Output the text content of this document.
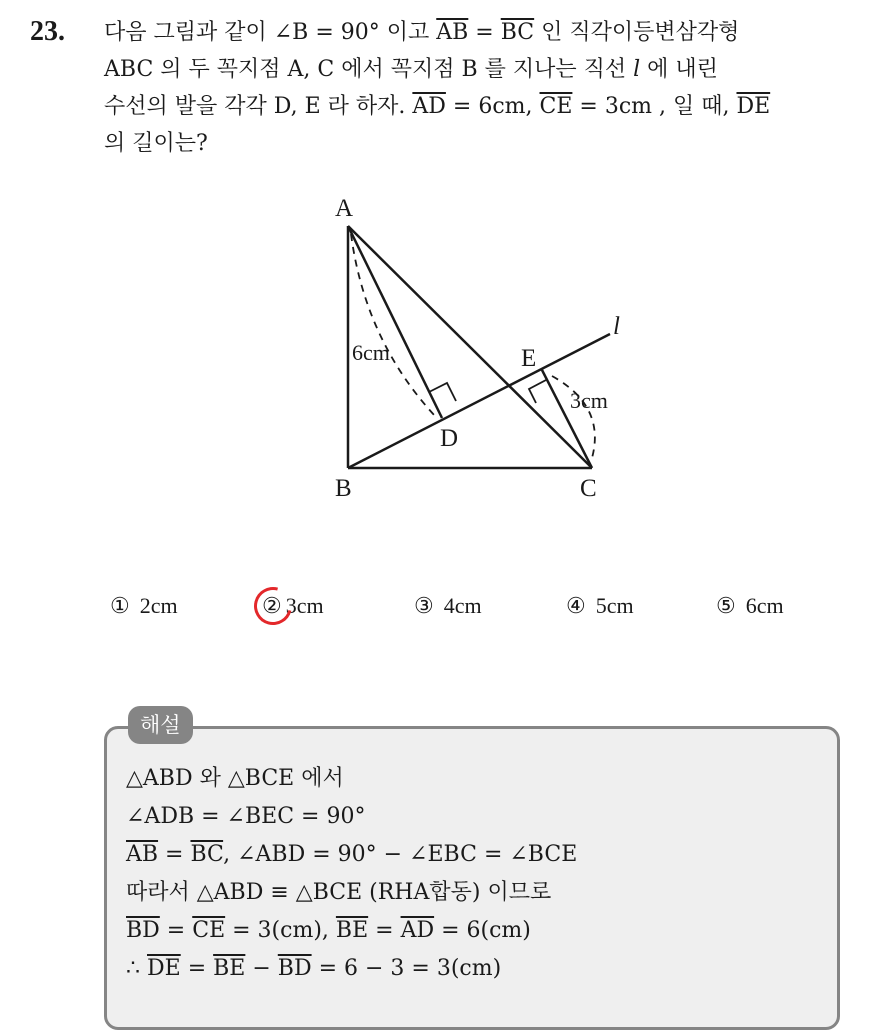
23. 다음 그림과 같이 ∠B = 90° 이고 $\overline{AB} = \overline{BC}$ 인 직각이등변삼각형
ABC 의 두 꼭지점 A, C 에서 꼭지점 B 를 지나는 직선 l 에 내린
수선의 발을 각각 D, E 라 하자. $\overline{AD} = 6cm$, $\overline{CE} = 3cm$ , 일 때, $\overline{DE}$
의 길이는?
A
B	C
D
E
l
6cm
3cm
① 2cm	② 3cm	③ 4cm	④ 5cm	⑤ 6cm
해설
△ABD 와 △BCE 에서
∠ADB = ∠BEC = 90°
$\overline{AB} = \overline{BC}$, ∠ABD = 90° − ∠EBC = ∠BCE
따라서 △ABD ≡ △BCE (RHA합동) 이므로
$\overline{BD} = \overline{CE} = 3(cm)$, $\overline{BE} = \overline{AD} = 6(cm)$
∴ $\overline{DE} = \overline{BE} - \overline{BD} = 6 - 3 = 3(cm)$
